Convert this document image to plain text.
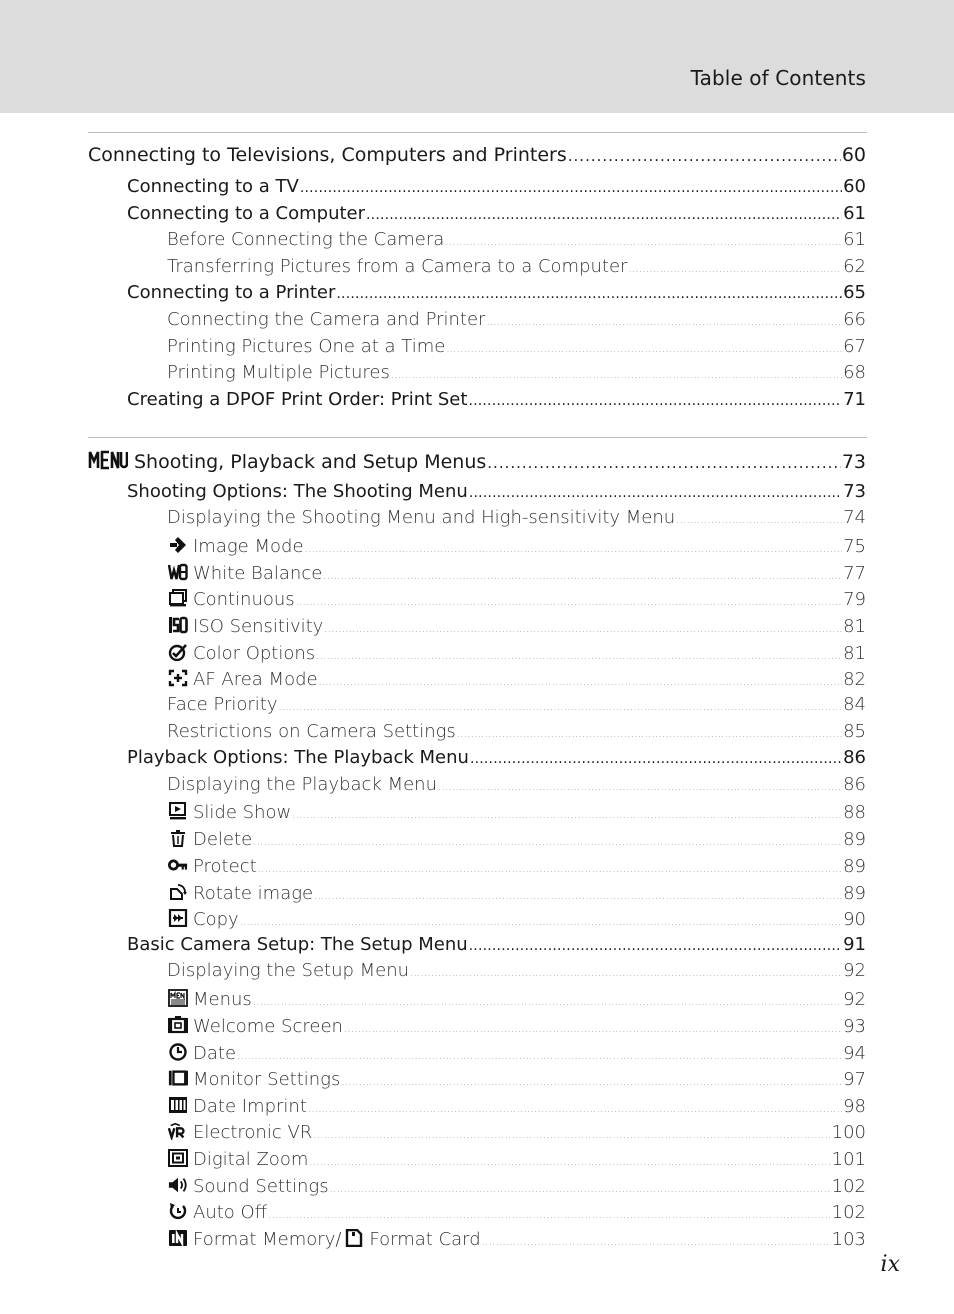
Table of Contents
Connecting to Televisions, Computers and Printers .....	60
Connecting to a TV .....	60
Connecting to a Computer .....	61
Before Connecting the Camera .....	61
Transferring Pictures from a Camera to a Computer .....	62
Connecting to a Printer .....	65
Connecting the Camera and Printer .....	66
Printing Pictures One at a Time .....	67
Printing Multiple Pictures .....	68
Creating a DPOF Print Order: Print Set .....	71
Shooting, Playback and Setup Menus .....	73
Shooting Options: The Shooting Menu .....	73
Displaying the Shooting Menu and High-sensitivity Menu .....	74
Image Mode .....	75
White Balance .....	77
Continuous .....	79
ISO Sensitivity .....	81
Color Options .....	81
AF Area Mode .....	82
Face Priority .....	84
Restrictions on Camera Settings .....	85
Playback Options: The Playback Menu .....	86
Displaying the Playback Menu .....	86
Slide Show .....	88
Delete .....	89
Protect .....	89
Rotate image .....	89
Copy .....	90
Basic Camera Setup: The Setup Menu .....	91
Displaying the Setup Menu .....	92
Menus .....	92
Welcome Screen .....	93
Date .....	94
Monitor Settings .....	97
Date Imprint .....	98
Electronic VR .....	100
Digital Zoom .....	101
Sound Settings .....	102
Auto Off .....	102
Format Memory/ Format Card .....	103
ix
